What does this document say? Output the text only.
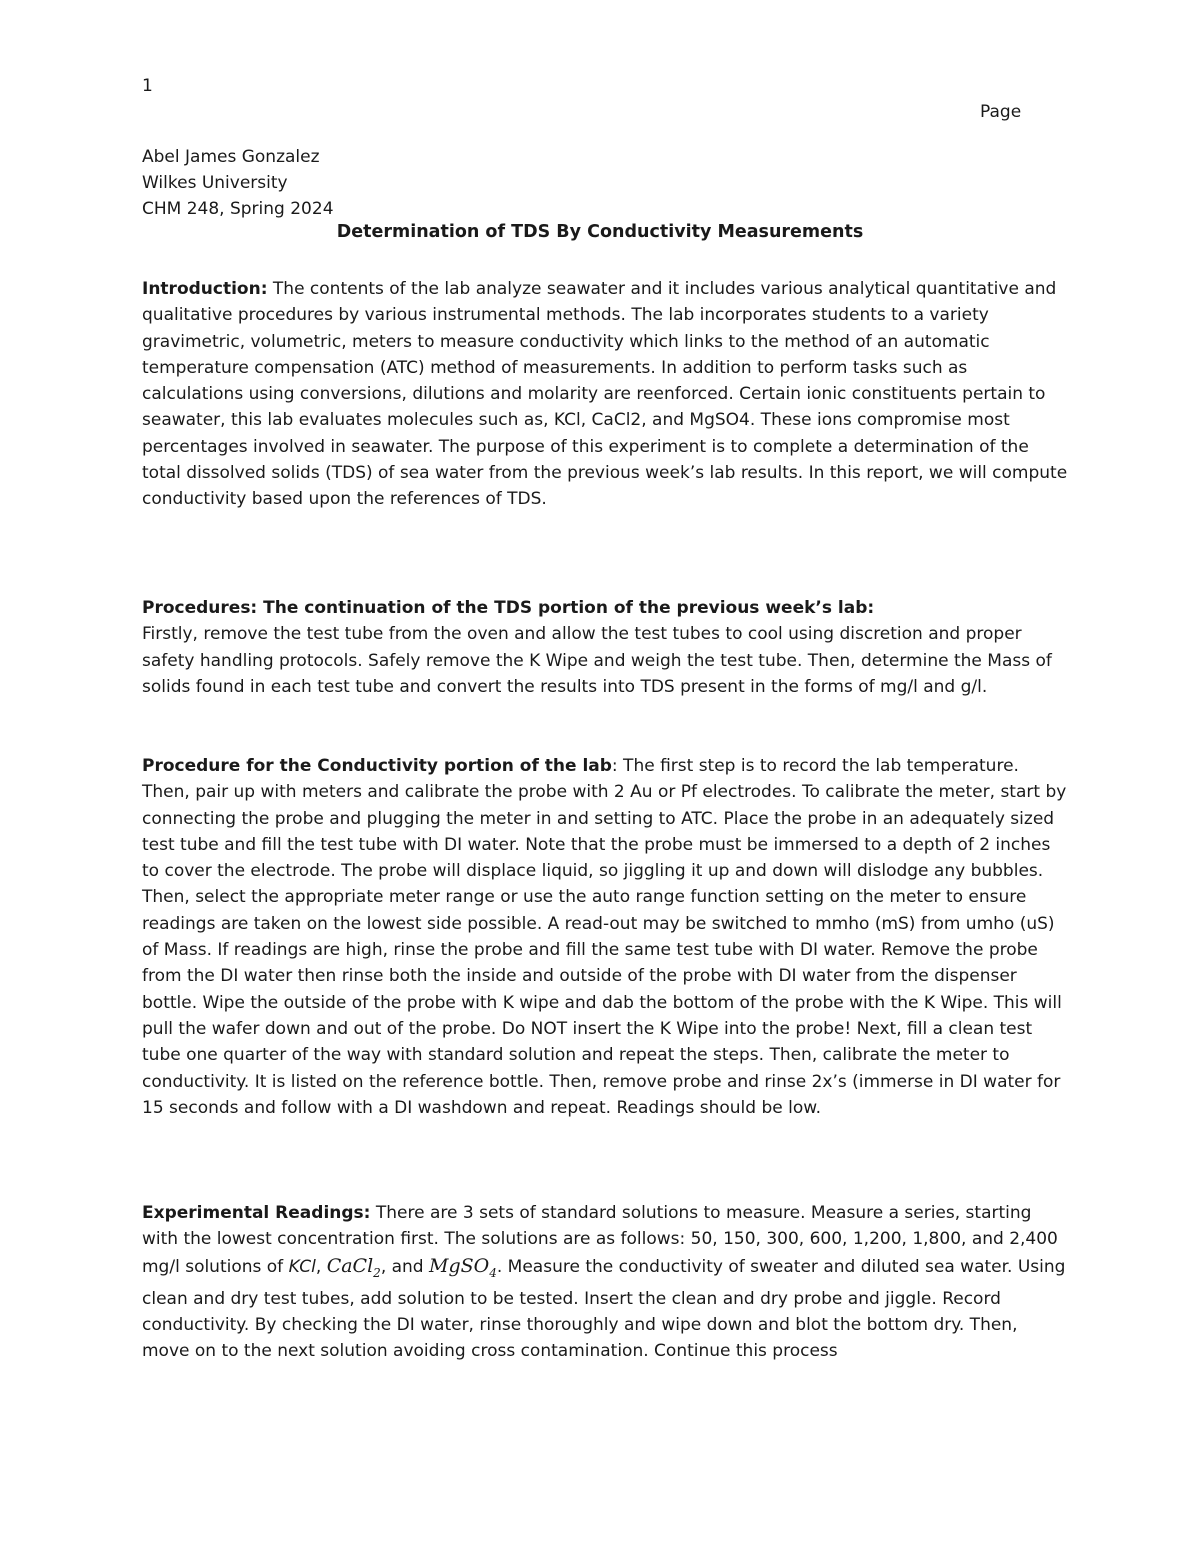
1
Page
Abel James Gonzalez
Wilkes University
CHM 248, Spring 2024
Determination of TDS By Conductivity Measurements
Introduction: The contents of the lab analyze seawater and it includes various analytical quantitative and qualitative procedures by various instrumental methods. The lab incorporates students to a variety gravimetric, volumetric, meters to measure conductivity which links to the method of an automatic temperature compensation (ATC) method of measurements. In addition to perform tasks such as calculations using conversions, dilutions and molarity are reenforced. Certain ionic constituents pertain to seawater, this lab evaluates molecules such as, KCl, CaCl2, and MgSO4. These ions compromise most percentages involved in seawater. The purpose of this experiment is to complete a determination of the total dissolved solids (TDS) of sea water from the previous week’s lab results. In this report, we will compute conductivity based upon the references of TDS.
Procedures: The continuation of the TDS portion of the previous week’s lab:
Firstly, remove the test tube from the oven and allow the test tubes to cool using discretion and proper safety handling protocols. Safely remove the K Wipe and weigh the test tube. Then, determine the Mass of solids found in each test tube and convert the results into TDS present in the forms of mg/l and g/l.
Procedure for the Conductivity portion of the lab: The first step is to record the lab temperature. Then, pair up with meters and calibrate the probe with 2 Au or Pf electrodes. To calibrate the meter, start by connecting the probe and plugging the meter in and setting to ATC. Place the probe in an adequately sized test tube and fill the test tube with DI water. Note that the probe must be immersed to a depth of 2 inches to cover the electrode. The probe will displace liquid, so jiggling it up and down will dislodge any bubbles. Then, select the appropriate meter range or use the auto range function setting on the meter to ensure readings are taken on the lowest side possible. A read-out may be switched to mmho (mS) from umho (uS) of Mass. If readings are high, rinse the probe and fill the same test tube with DI water. Remove the probe from the DI water then rinse both the inside and outside of the probe with DI water from the dispenser bottle. Wipe the outside of the probe with K wipe and dab the bottom of the probe with the K Wipe. This will pull the wafer down and out of the probe. Do NOT insert the K Wipe into the probe! Next, fill a clean test tube one quarter of the way with standard solution and repeat the steps. Then, calibrate the meter to conductivity. It is listed on the reference bottle. Then, remove probe and rinse 2x’s (immerse in DI water for 15 seconds and follow with a DI washdown and repeat. Readings should be low.
Experimental Readings: There are 3 sets of standard solutions to measure. Measure a series, starting with the lowest concentration first. The solutions are as follows: 50, 150, 300, 600, 1,200, 1,800, and 2,400 mg/l solutions of KCl, CaCl$_2$, and MgSO$_4$. Measure the conductivity of sweater and diluted sea water. Using clean and dry test tubes, add solution to be tested. Insert the clean and dry probe and jiggle. Record conductivity. By checking the DI water, rinse thoroughly and wipe down and blot the bottom dry. Then, move on to the next solution avoiding cross contamination. Continue this process
